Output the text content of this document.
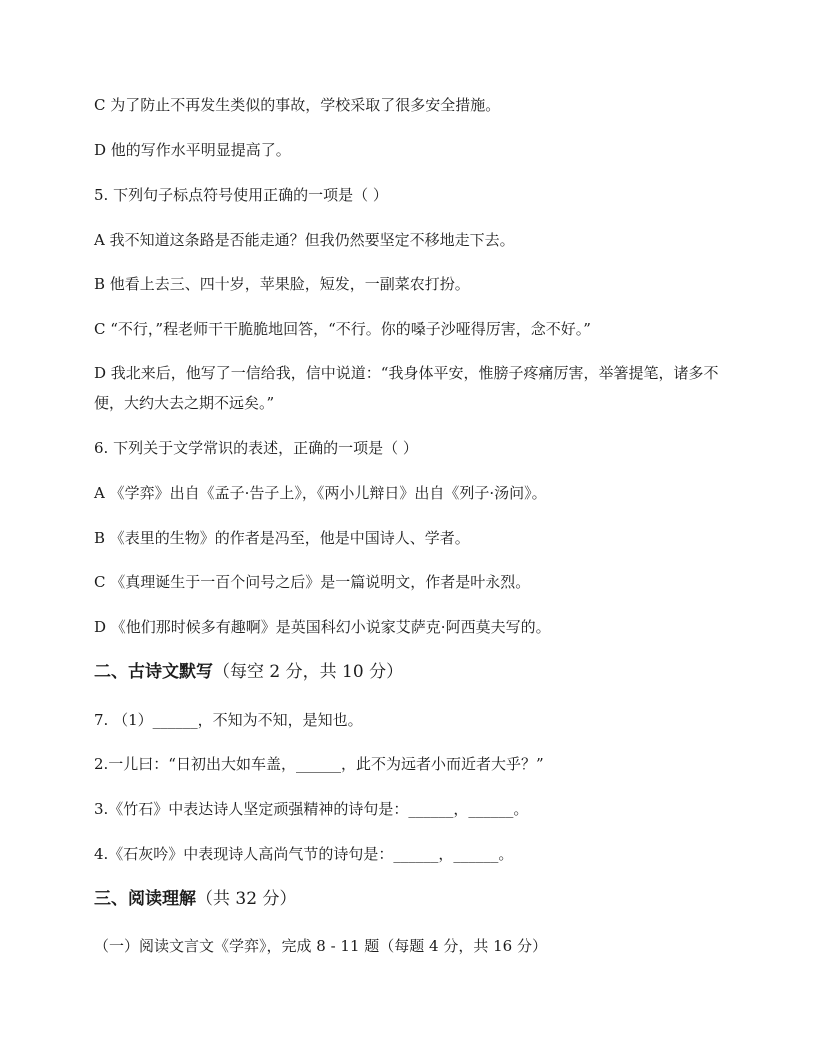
C 为了防止不再发生类似的事故，学校采取了很多安全措施。
D 他的写作水平明显提高了。
5. 下列句子标点符号使用正确的一项是（ ）
A 我不知道这条路是否能走通？但我仍然要坚定不移地走下去。
B 他看上去三、四十岁，苹果脸，短发，一副菜农打扮。
C “不行，”程老师干干脆脆地回答，“不行。你的嗓子沙哑得厉害，念不好。”
D 我北来后，他写了一信给我，信中说道：“我身体平安，惟膀子疼痛厉害，举箸提笔，诸多不便，大约大去之期不远矣。”
6. 下列关于文学常识的表述，正确的一项是（ ）
A 《学弈》出自《孟子·告子上》，《两小儿辩日》出自《列子·汤问》。
B 《表里的生物》的作者是冯至，他是中国诗人、学者。
C 《真理诞生于一百个问号之后》是一篇说明文，作者是叶永烈。
D 《他们那时候多有趣啊》是英国科幻小说家艾萨克·阿西莫夫写的。
二、古诗文默写（每空 2 分，共 10 分）
7. （1）______，不知为不知，是知也。
2.一儿曰：“日初出大如车盖，______，此不为远者小而近者大乎？”
3.《竹石》中表达诗人坚定顽强精神的诗句是：______，______。
4.《石灰吟》中表现诗人高尚气节的诗句是：______，______。
三、阅读理解（共 32 分）
（一）阅读文言文《学弈》，完成 8 - 11 题（每题 4 分，共 16 分）
